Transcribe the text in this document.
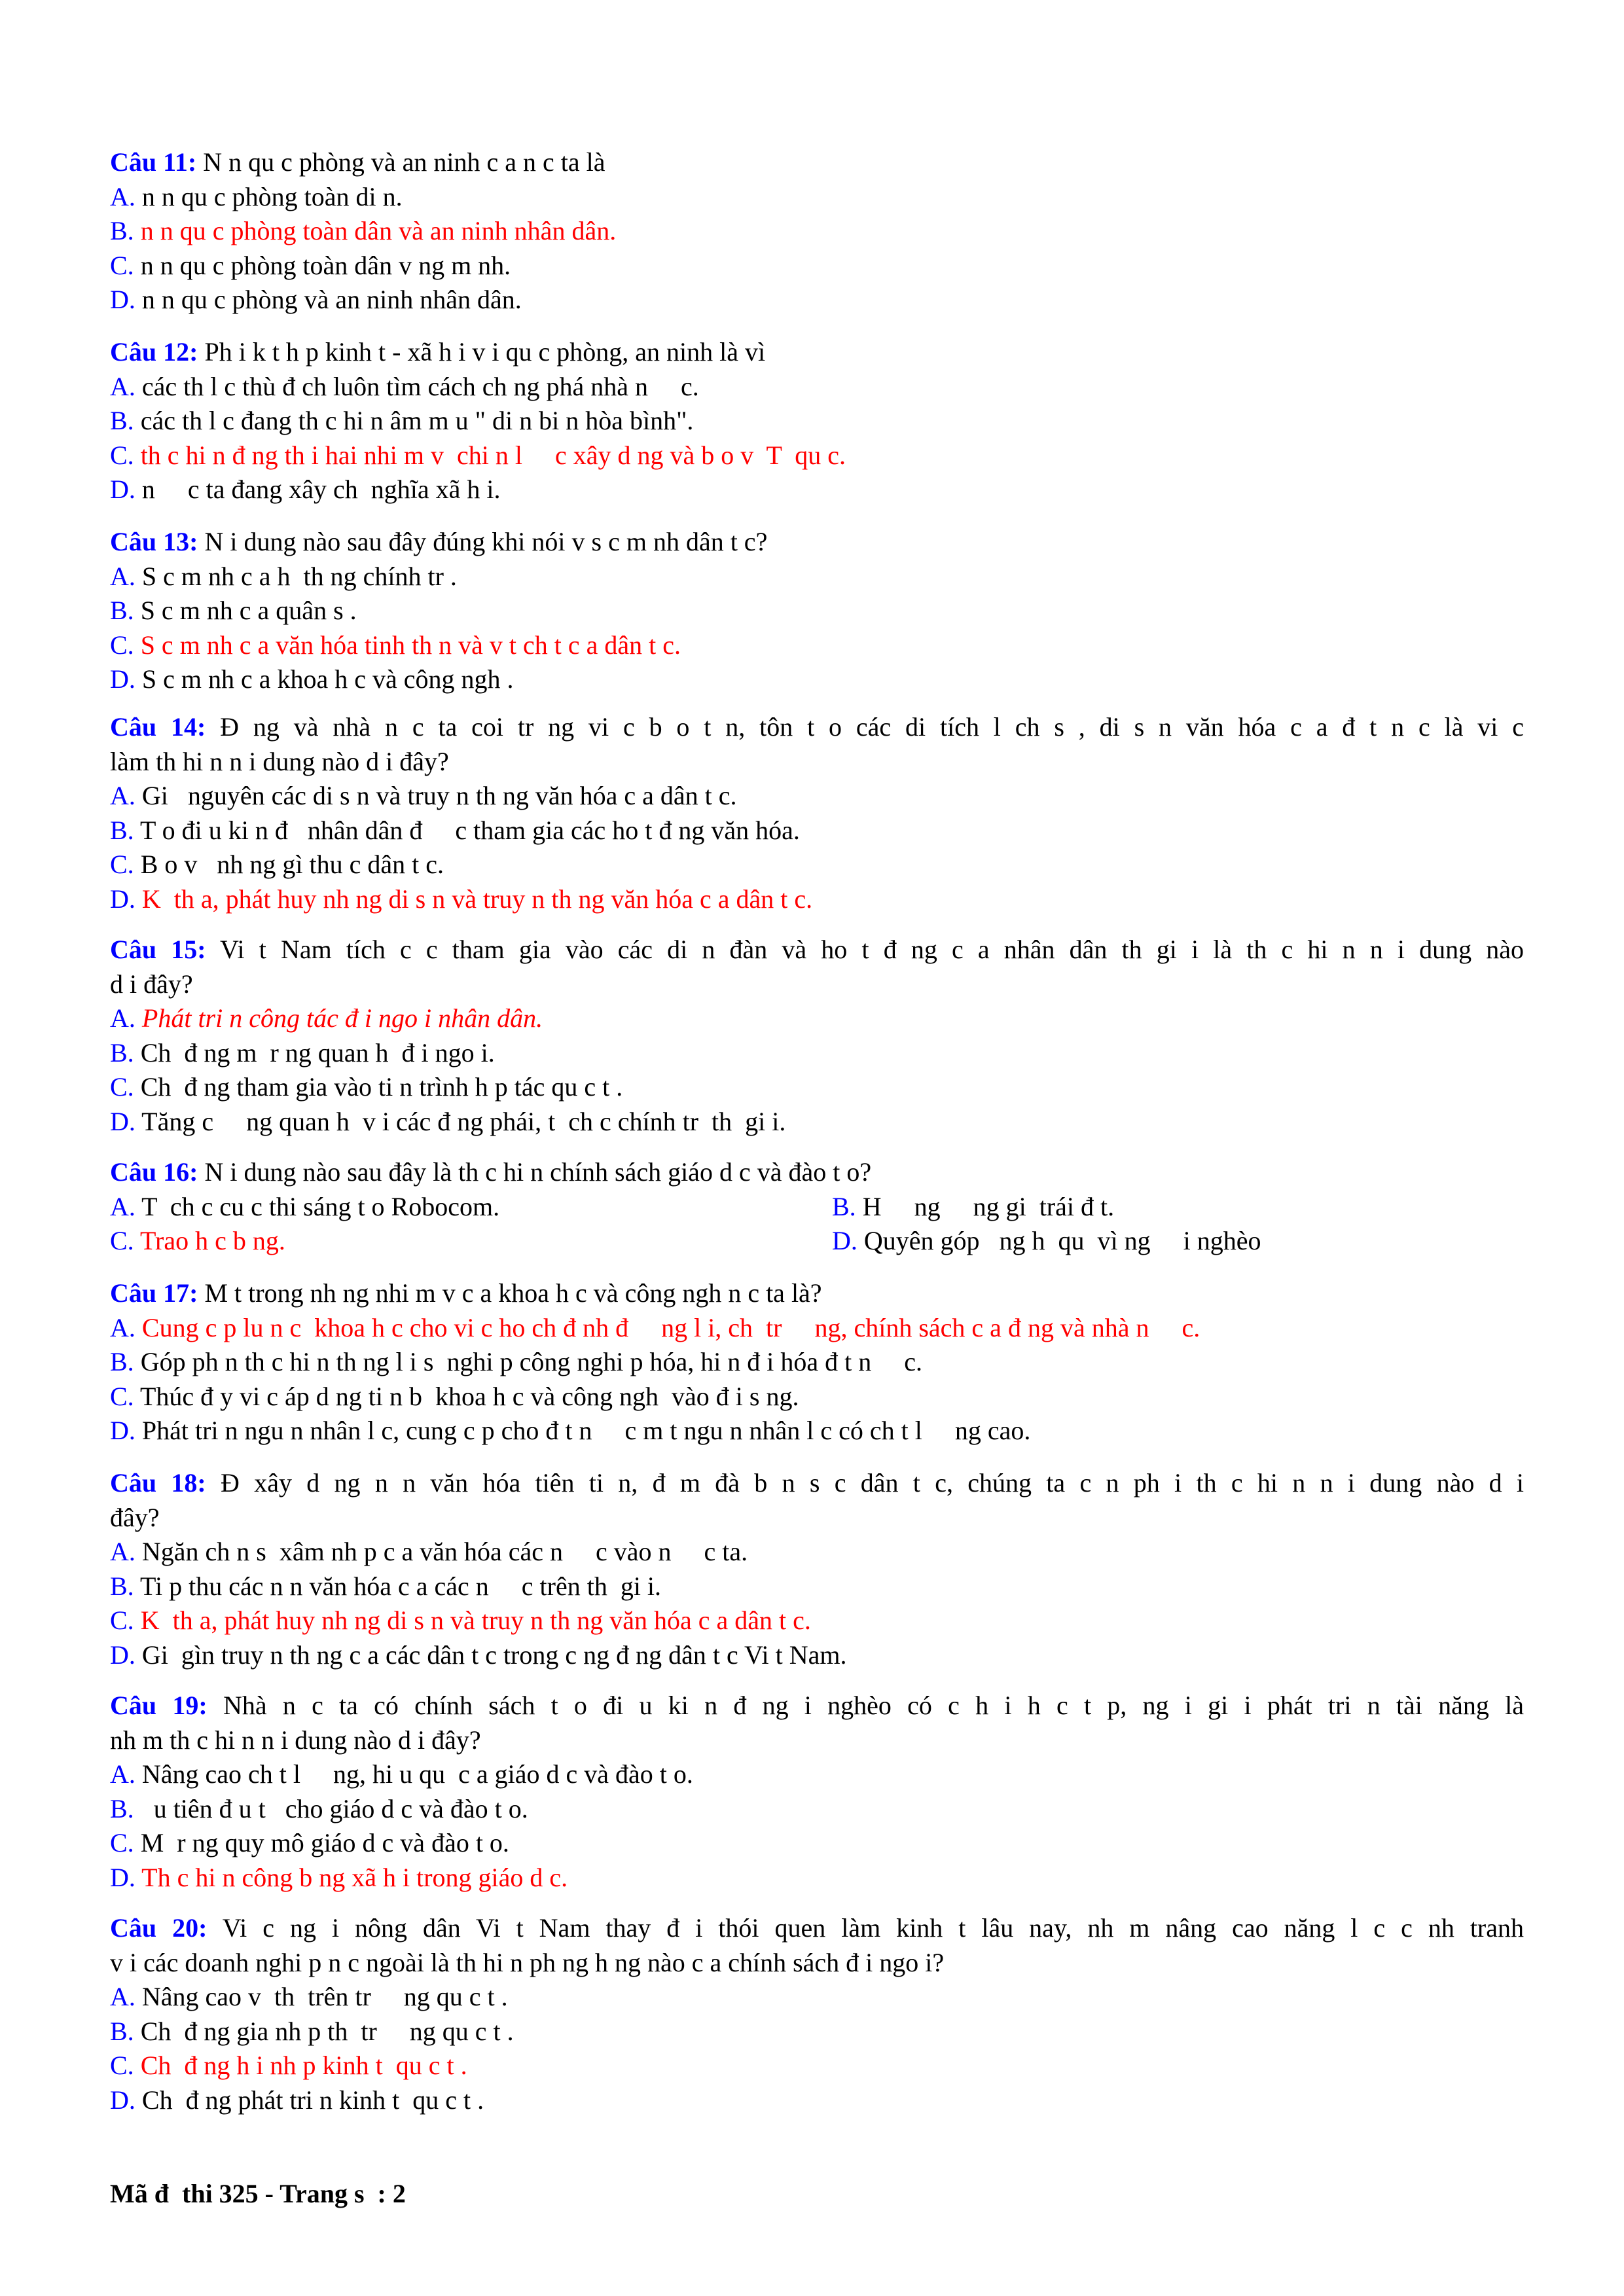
Câu 11: N n qu c phòng và an ninh c a n c ta là
A. n n qu c phòng toàn di n.
B. n n qu c phòng toàn dân và an ninh nhân dân.
C. n n qu c phòng toàn dân v ng m nh.
D. n n qu c phòng và an ninh nhân dân.
Câu 12: Ph i k t h p kinh t - xã h i v i qu c phòng, an ninh là vì
A. các th l c thù đ ch luôn tìm cách ch ng phá nhà n     c.
B. các th l c đang th c hi n âm m u " di n bi n hòa bình".
C. th c hi n đ ng th i hai nhi m v  chi n l     c xây d ng và b o v  T  qu c.
D. n     c ta đang xây ch  nghĩa xã h i.
Câu 13: N i dung nào sau đây đúng khi nói v s c m nh dân t c?
A. S c m nh c a h  th ng chính tr .
B. S c m nh c a quân s .
C. S c m nh c a văn hóa tinh th n và v t ch t c a dân t c.
D. S c m nh c a khoa h c và công ngh .
Câu 14: Đ ng và nhà n c ta coi tr ng vi c b o t n, tôn t o các di tích l ch s , di s n văn hóa c a đ t n c là vi c
làm th hi n n i dung nào d i đây?
A. Gi   nguyên các di s n và truy n th ng văn hóa c a dân t c.
B. T o đi u ki n đ   nhân dân đ     c tham gia các ho t đ ng văn hóa.
C. B o v   nh ng gì thu c dân t c.
D. K  th a, phát huy nh ng di s n và truy n th ng văn hóa c a dân t c.
Câu 15: Vi t Nam tích c c tham gia vào các di n đàn và ho t đ ng c a nhân dân th gi i là th c hi n n i dung nào
d i đây?
A. Phát tri n công tác đ i ngo i nhân dân.
B. Ch  đ ng m  r ng quan h  đ i ngo i.
C. Ch  đ ng tham gia vào ti n trình h p tác qu c t .
D. Tăng c     ng quan h  v i các đ ng phái, t  ch c chính tr  th  gi i.
Câu 16: N i dung nào sau đây là th c hi n chính sách giáo d c và đào t o?
A. T  ch c cu c thi sáng t o Robocom.	B. H     ng     ng gi  trái đ t.
C. Trao h c b ng.	D. Quyên góp   ng h  qu  vì ng     i nghèo
Câu 17: M t trong nh ng nhi m v c a khoa h c và công ngh n c ta là?
A. Cung c p lu n c  khoa h c cho vi c ho ch đ nh đ     ng l i, ch  tr     ng, chính sách c a đ ng và nhà n     c.
B. Góp ph n th c hi n th ng l i s  nghi p công nghi p hóa, hi n đ i hóa đ t n     c.
C. Thúc đ y vi c áp d ng ti n b  khoa h c và công ngh  vào đ i s ng.
D. Phát tri n ngu n nhân l c, cung c p cho đ t n     c m t ngu n nhân l c có ch t l     ng cao.
Câu 18: Đ xây d ng n n văn hóa tiên ti n, đ m đà b n s c dân t c, chúng ta c n ph i th c hi n n i dung nào d i
đây?
A. Ngăn ch n s  xâm nh p c a văn hóa các n     c vào n     c ta.
B. Ti p thu các n n văn hóa c a các n     c trên th  gi i.
C. K  th a, phát huy nh ng di s n và truy n th ng văn hóa c a dân t c.
D. Gi  gìn truy n th ng c a các dân t c trong c ng đ ng dân t c Vi t Nam.
Câu 19: Nhà n c ta có chính sách t o đi u ki n đ ng i nghèo có c h i h c t p, ng i gi i phát tri n tài năng là
nh m th c hi n n i dung nào d i đây?
A. Nâng cao ch t l     ng, hi u qu  c a giáo d c và đào t o.
B.   u tiên đ u t   cho giáo d c và đào t o.
C. M  r ng quy mô giáo d c và đào t o.
D. Th c hi n công b ng xã h i trong giáo d c.
Câu 20: Vi c ng i nông dân Vi t Nam thay đ i thói quen làm kinh t lâu nay, nh m nâng cao năng l c c nh tranh
v i các doanh nghi p n c ngoài là th hi n ph ng h ng nào c a chính sách đ i ngo i?
A. Nâng cao v  th  trên tr     ng qu c t .
B. Ch  đ ng gia nh p th  tr     ng qu c t .
C. Ch  đ ng h i nh p kinh t  qu c t .
D. Ch  đ ng phát tri n kinh t  qu c t .
Mã đ  thi 325 - Trang s  : 2
